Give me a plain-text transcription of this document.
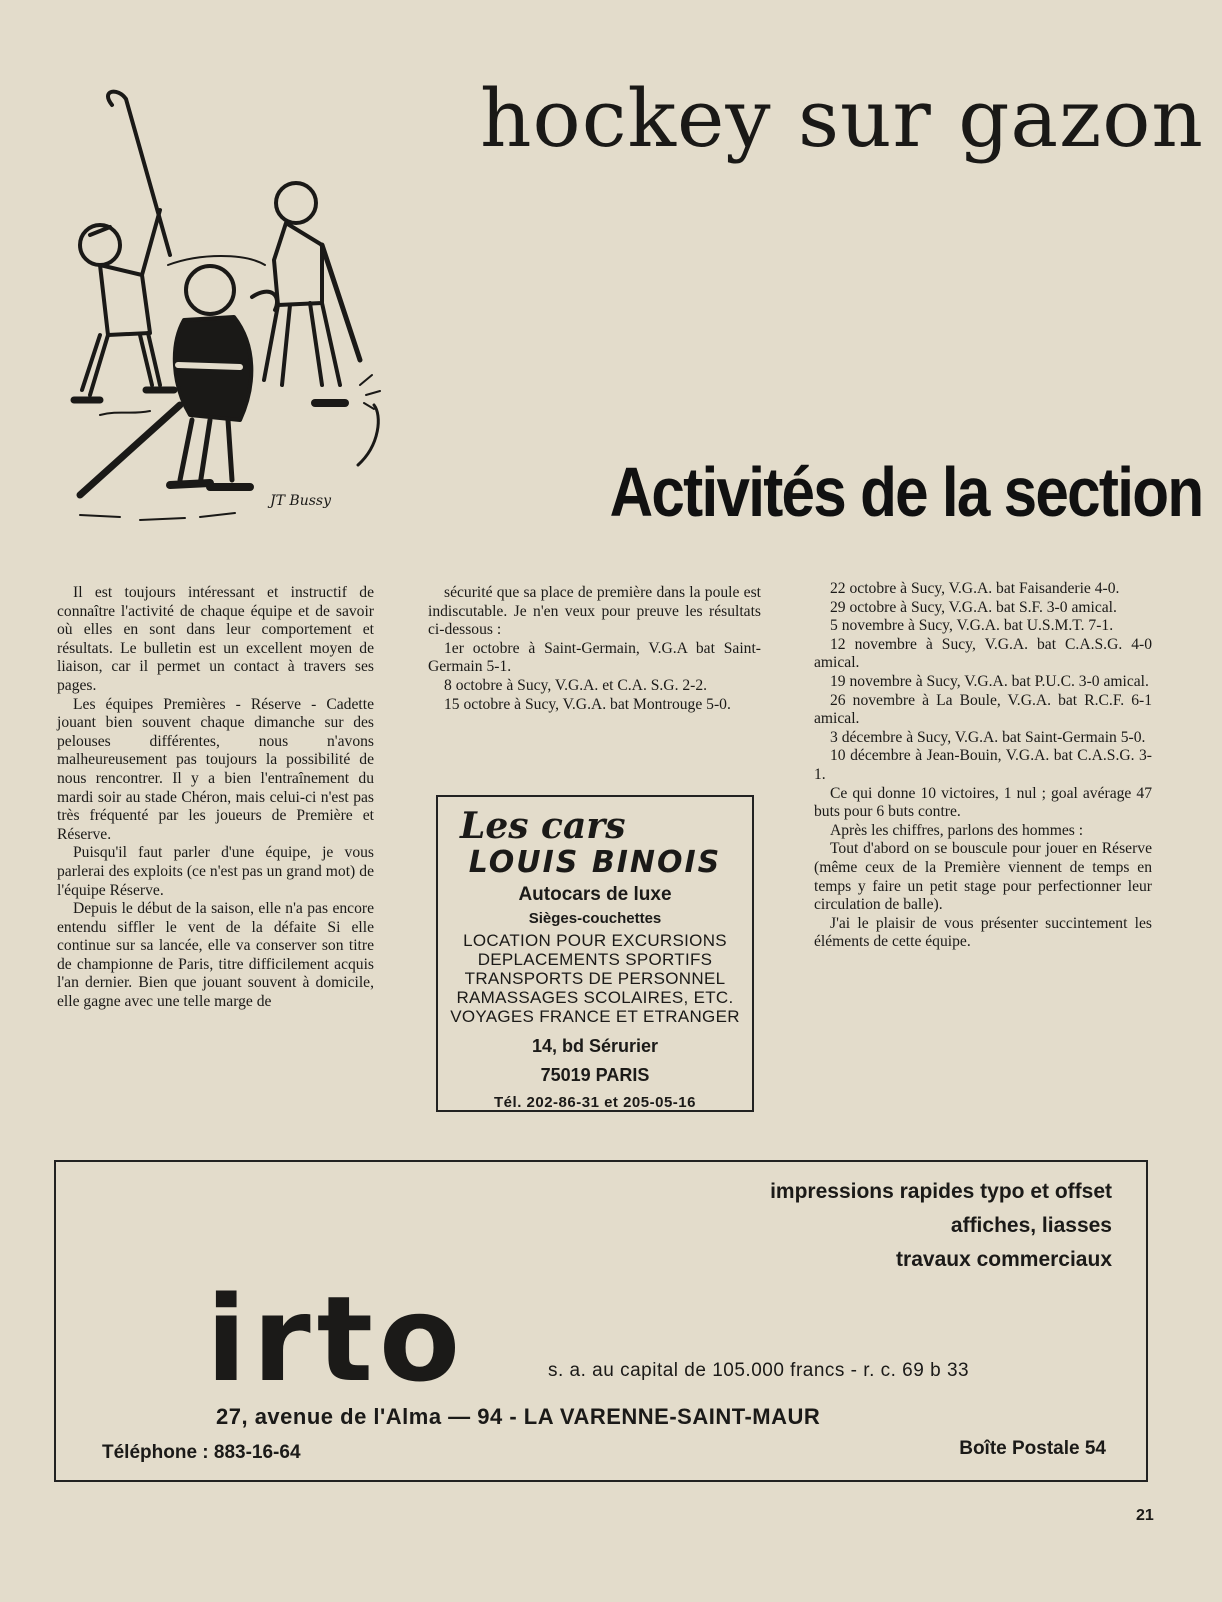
hockey sur gazon
JT Bussy	Activités de la section

Il est toujours intéressant et instructif de connaître l'activité de chaque équipe et de savoir où elles en sont dans leur comportement et résultats. Le bulletin est un excellent moyen de liaison, car il permet un contact à travers ses pages.

Les équipes Premières - Réserve - Cadette jouant bien souvent chaque dimanche sur des pelouses différentes, nous n'avons malheureusement pas toujours la possibilité de nous rencontrer. Il y a bien l'entraînement du mardi soir au stade Chéron, mais celui-ci n'est pas très fréquenté par les joueurs de Première et Réserve.

Puisqu'il faut parler d'une équipe, je vous parlerai des exploits (ce n'est pas un grand mot) de l'équipe Réserve.

Depuis le début de la saison, elle n'a pas encore entendu siffler le vent de la défaite Si elle continue sur sa lancée, elle va conserver son titre de championne de Paris, titre difficilement acquis l'an dernier. Bien que jouant souvent à domicile, elle gagne avec une telle marge de

sécurité que sa place de première dans la poule est indiscutable. Je n'en veux pour preuve les résultats ci-dessous :

1er octobre à Saint-Germain, V.G.A bat Saint-Germain 5-1.

8 octobre à Sucy, V.G.A. et C.A. S.G. 2-2.

15 octobre à Sucy, V.G.A. bat Montrouge 5-0.

Les cars
LOUIS BINOIS
Autocars de luxe
Sièges-couchettes
LOCATION POUR EXCURSIONS
DEPLACEMENTS SPORTIFS
TRANSPORTS DE PERSONNEL
RAMASSAGES SCOLAIRES, ETC.
VOYAGES FRANCE ET ETRANGER
14, bd Sérurier
75019 PARIS
Tél. 202-86-31 et 205-05-16

22 octobre à Sucy, V.G.A. bat Faisanderie 4-0.

29 octobre à Sucy, V.G.A. bat S.F. 3-0 amical.

5 novembre à Sucy, V.G.A. bat U.S.M.T. 7-1.

12 novembre à Sucy, V.G.A. bat C.A.S.G. 4-0 amical.

19 novembre à Sucy, V.G.A. bat P.U.C. 3-0 amical.

26 novembre à La Boule, V.G.A. bat R.C.F. 6-1 amical.

3 décembre à Sucy, V.G.A. bat Saint-Germain 5-0.

10 décembre à Jean-Bouin, V.G.A. bat C.A.S.G. 3-1.

Ce qui donne 10 victoires, 1 nul ; goal avérage 47 buts pour 6 buts contre.

Après les chiffres, parlons des hommes :

Tout d'abord on se bouscule pour jouer en Réserve (même ceux de la Première viennent de temps en temps y faire un petit stage pour perfectionner leur circulation de balle).

J'ai le plaisir de vous présenter succintement les éléments de cette équipe.

impressions rapides typo et offset
affiches, liasses
travaux commerciaux
irto	s. a. au capital de 105.000 francs - r. c. 69 b 33
27, avenue de l'Alma — 94 - LA VARENNE-SAINT-MAUR
Téléphone : 883-16-64	Boîte Postale 54
21
